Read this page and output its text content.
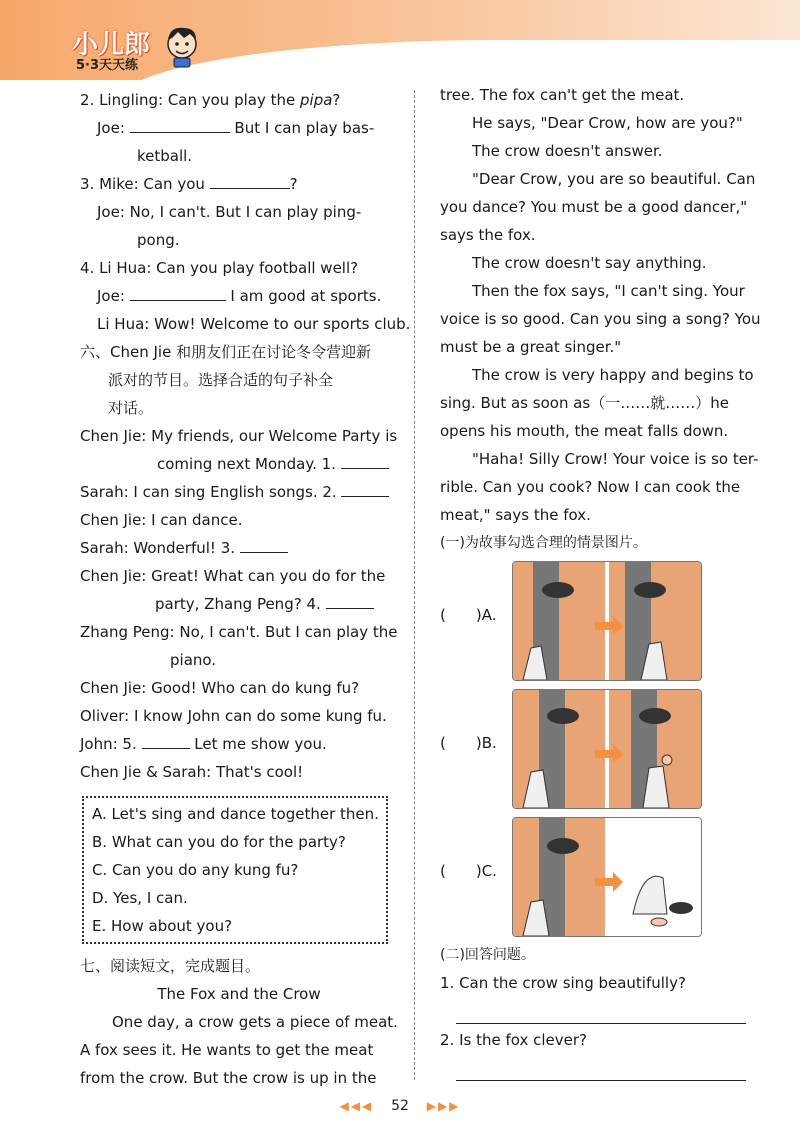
小儿郎
5·3天天练
2. Lingling: Can you play the pipa?
Joe:	But I can play bas-
ketball.
3. Mike: Can you	?
Joe: No, I can't. But I can play ping-
pong.
4. Li Hua: Can you play football well?
Joe:	I am good at sports.
Li Hua: Wow! Welcome to our sports club.
六、Chen Jie 和朋友们正在讨论冬令营迎新
派对的节目。选择合适的句子补全
对话。
Chen Jie: My friends, our Welcome Party is
coming next Monday. 1.
Sarah: I can sing English songs. 2.
Chen Jie: I can dance.
Sarah: Wonderful! 3.
Chen Jie: Great! What can you do for the
party, Zhang Peng? 4.
Zhang Peng: No, I can't. But I can play the
piano.
Chen Jie: Good! Who can do kung fu?
Oliver: I know John can do some kung fu.
John: 5.	Let me show you.
Chen Jie & Sarah: That's cool!
A. Let's sing and dance together then.
B. What can you do for the party?
C. Can you do any kung fu?
D. Yes, I can.
E. How about you?
七、阅读短文，完成题目。
The Fox and the Crow
One day, a crow gets a piece of meat.
A fox sees it. He wants to get the meat
from the crow. But the crow is up in the
tree. The fox can't get the meat.
He says, "Dear Crow, how are you?"
The crow doesn't answer.
"Dear Crow, you are so beautiful. Can
you dance? You must be a good dancer,"
says the fox.
The crow doesn't say anything.
Then the fox says, "I can't sing. Your
voice is so good. Can you sing a song? You
must be a great singer."
The crow is very happy and begins to
sing. But as soon as（一……就……）he
opens his mouth, the meat falls down.
"Haha! Silly Crow! Your voice is so ter-
rible. Can you cook? Now I can cook the
meat," says the fox.
(一)为故事勾选合理的情景图片。
(　　)A.
(　　)B.
(　　)C.
(二)回答问题。
1. Can the crow sing beautifully?
2. Is the fox clever?
◀◀◀ 52 ▶▶▶
